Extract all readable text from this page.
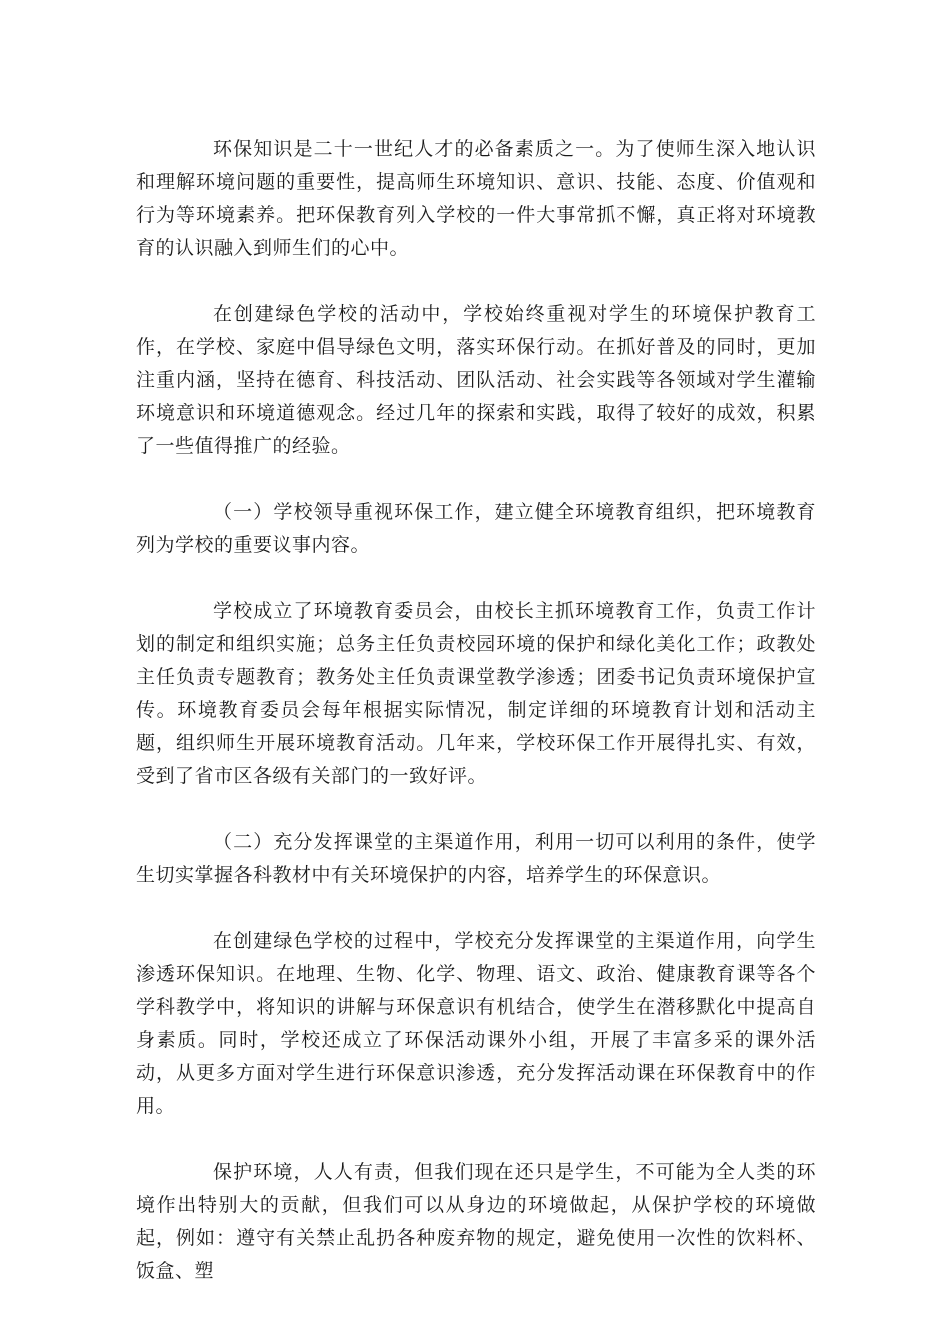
环保知识是二十一世纪人才的必备素质之一。为了使师生深入地认识和理解环境问题的重要性，提高师生环境知识、意识、技能、态度、价值观和行为等环境素养。把环保教育列入学校的一件大事常抓不懈，真正将对环境教育的认识融入到师生们的心中。

在创建绿色学校的活动中，学校始终重视对学生的环境保护教育工作，在学校、家庭中倡导绿色文明，落实环保行动。在抓好普及的同时，更加注重内涵，坚持在德育、科技活动、团队活动、社会实践等各领域对学生灌输环境意识和环境道德观念。经过几年的探索和实践，取得了较好的成效，积累了一些值得推广的经验。

（一）学校领导重视环保工作，建立健全环境教育组织，把环境教育列为学校的重要议事内容。

学校成立了环境教育委员会，由校长主抓环境教育工作，负责工作计划的制定和组织实施；总务主任负责校园环境的保护和绿化美化工作；政教处主任负责专题教育；教务处主任负责课堂教学渗透；团委书记负责环境保护宣传。环境教育委员会每年根据实际情况，制定详细的环境教育计划和活动主题，组织师生开展环境教育活动。几年来，学校环保工作开展得扎实、有效，受到了省市区各级有关部门的一致好评。

（二）充分发挥课堂的主渠道作用，利用一切可以利用的条件，使学生切实掌握各科教材中有关环境保护的内容，培养学生的环保意识。

在创建绿色学校的过程中，学校充分发挥课堂的主渠道作用，向学生渗透环保知识。在地理、生物、化学、物理、语文、政治、健康教育课等各个学科教学中，将知识的讲解与环保意识有机结合，使学生在潜移默化中提高自身素质。同时，学校还成立了环保活动课外小组，开展了丰富多采的课外活动，从更多方面对学生进行环保意识渗透，充分发挥活动课在环保教育中的作用。

保护环境，人人有责，但我们现在还只是学生，不可能为全人类的环境作出特别大的贡献，但我们可以从身边的环境做起，从保护学校的环境做起，例如：遵守有关禁止乱扔各种废弃物的规定，避免使用一次性的饮料杯、饭盒、塑
